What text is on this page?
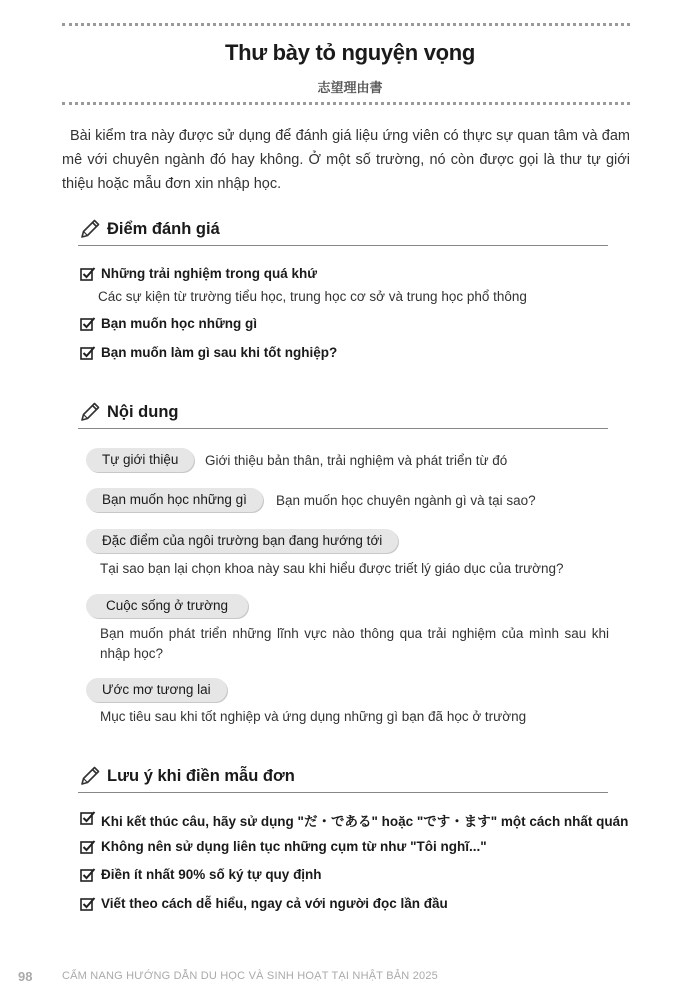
Thư bày tỏ nguyện vọng
志望理由書

Bài kiểm tra này được sử dụng để đánh giá liệu ứng viên có thực sự quan tâm và đam mê với chuyên ngành đó hay không. Ở một số trường, nó còn được gọi là thư tự giới thiệu hoặc mẫu đơn xin nhập học.

Điểm đánh giá
Những trải nghiệm trong quá khứ
Các sự kiện từ trường tiểu học, trung học cơ sở và trung học phổ thông
Bạn muốn học những gì
Bạn muốn làm gì sau khi tốt nghiệp?
Nội dung
Tự giới thiệu	Giới thiệu bản thân, trải nghiệm và phát triển từ đó
Bạn muốn học những gì	Bạn muốn học chuyên ngành gì và tại sao?
Đặc điểm của ngôi trường bạn đang hướng tới
Tại sao bạn lại chọn khoa này sau khi hiểu được triết lý giáo dục của trường?
Cuộc sống ở trường
Bạn muốn phát triển những lĩnh vực nào thông qua trải nghiệm của mình sau khi nhập học?
Ước mơ tương lai
Mục tiêu sau khi tốt nghiệp và ứng dụng những gì bạn đã học ở trường
Lưu ý khi điền mẫu đơn
Khi kết thúc câu, hãy sử dụng "だ・である" hoặc "です・ます" một cách nhất quán
Không nên sử dụng liên tục những cụm từ như "Tôi nghĩ..."
Điền ít nhất 90% số ký tự quy định
Viết theo cách dễ hiểu, ngay cả với người đọc lần đầu
98	CẨM NANG HƯỚNG DẪN DU HỌC VÀ SINH HOẠT TẠI NHẬT BẢN 2025
